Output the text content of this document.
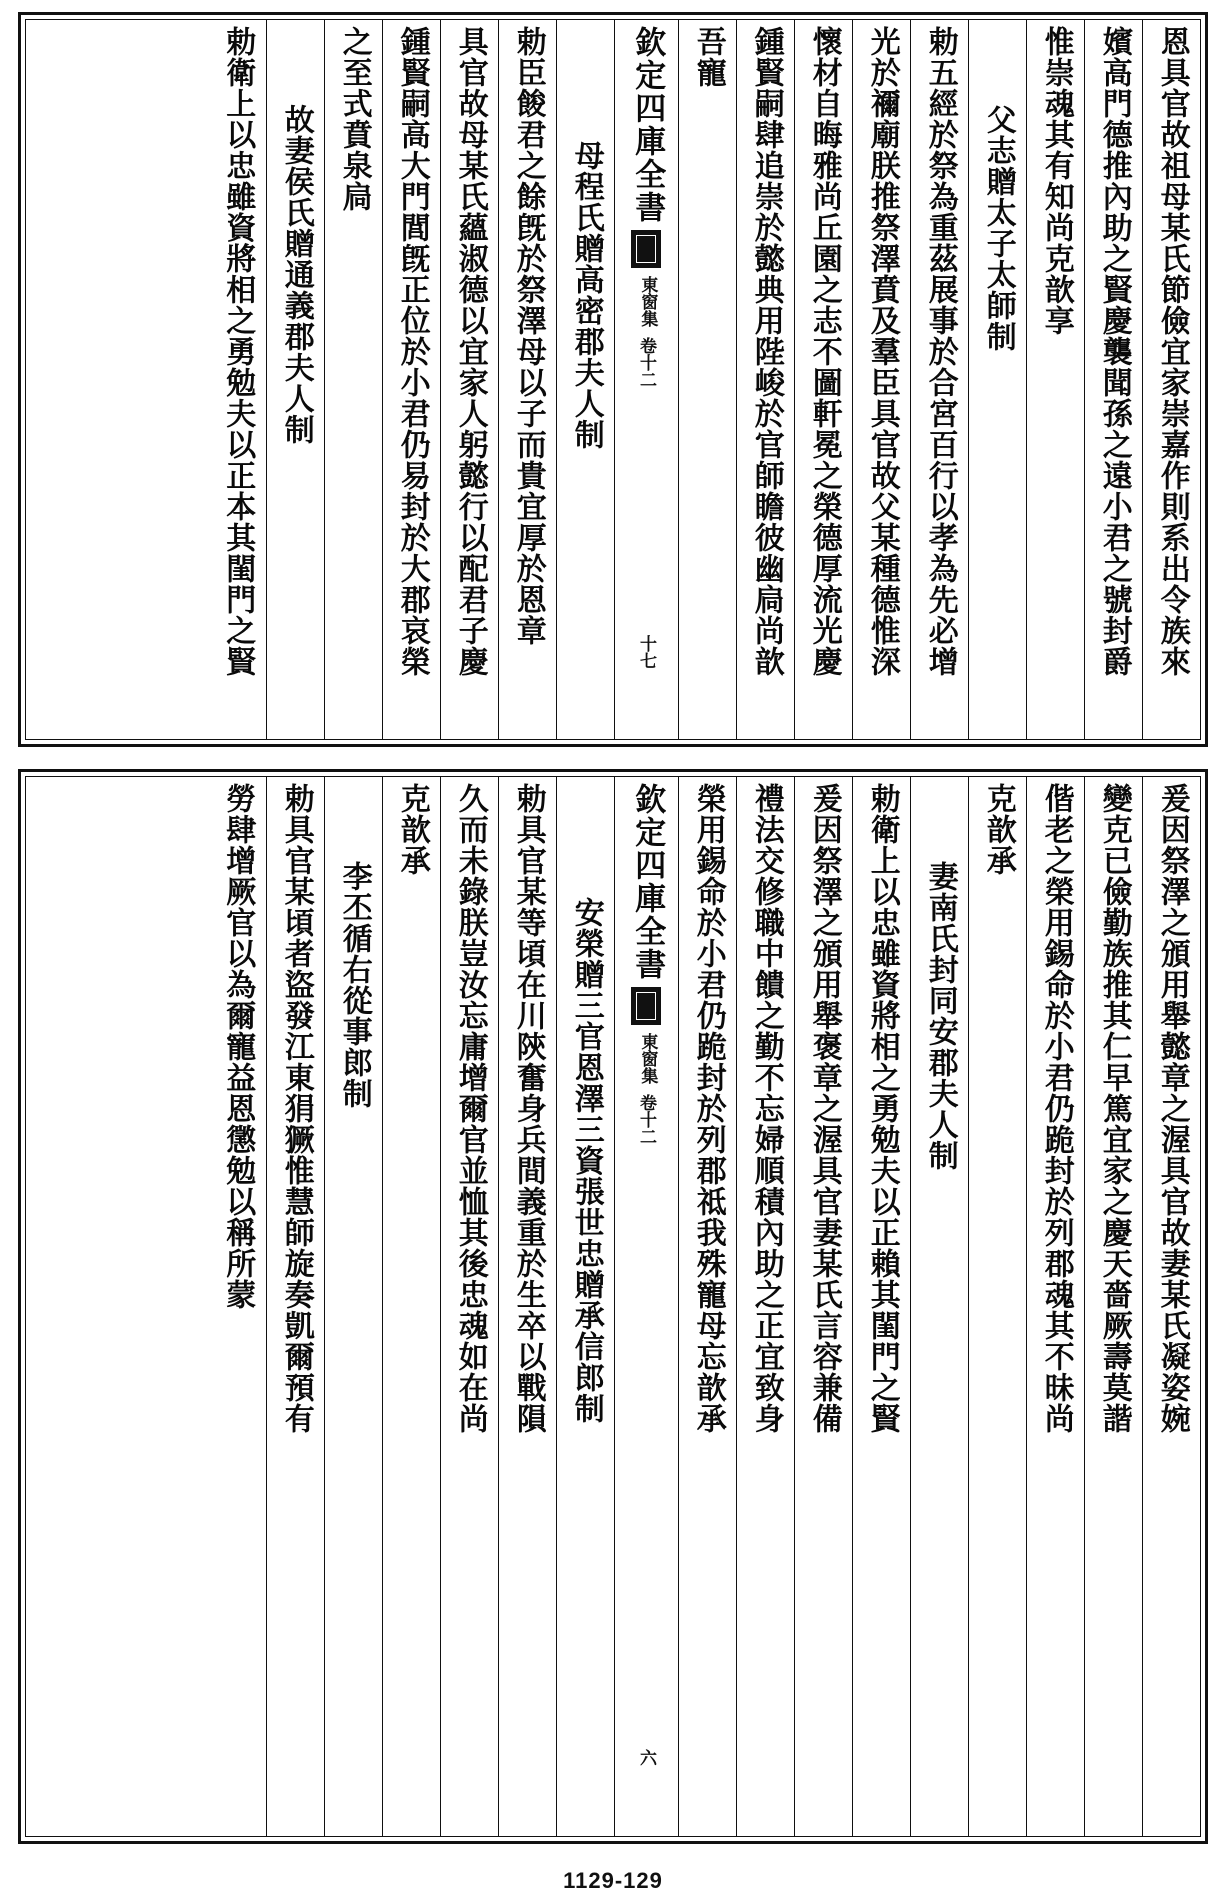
恩具官故祖母某氏節儉宜家崇嘉作則系出令族來
嬪高門德推內助之賢慶襲聞孫之遠小君之號封爵
惟崇魂其有知尚克歆享
父志贈太子太師制
勅五經於祭為重茲展事於合宮百行以孝為先必增
光於禰廟朕推祭澤賁及羣臣具官故父某種德惟深
懷材自晦雅尚丘園之志不圖軒冕之榮德厚流光慶
鍾賢嗣肆追崇於懿典用陛峻於官師瞻彼幽扃尚歆
吾寵
欽定四庫全書
東窗集
卷十二
十七
母程氏贈高密郡夫人制
勅臣餕君之餘旣於祭澤母以子而貴宜厚於恩章
具官故母某氏蘊淑德以宜家人躬懿行以配君子慶
鍾賢嗣高大門閭旣正位於小君仍易封於大郡哀榮
之至式賁泉扃
故妻侯氏贈通義郡夫人制
勅衛上以忠雖資將相之勇勉夫以正本其閨門之賢
爰因祭澤之頒用舉懿章之渥具官故妻某氏凝姿婉
變克已儉勤族推其仁早篤宜家之慶天嗇厥壽莫諧
偕老之榮用錫命於小君仍跪封於列郡魂其不昧尚
克歆承
妻南氏封同安郡夫人制
勅衛上以忠雖資將相之勇勉夫以正賴其閨門之賢
爰因祭澤之頒用舉褒章之渥具官妻某氏言容兼備
禮法交修職中饋之勤不忘婦順積內助之正宜致身
榮用錫命於小君仍跪封於列郡祗我殊寵母忘歆承
欽定四庫全書
東窗集
卷十二
六
安榮贈三官恩澤三資張世忠贈承信郎制
勅具官某等頃在川陝奮身兵間義重於生卒以戰隕
久而未錄朕豈汝忘庸增爾官並恤其後忠魂如在尚
克歆承
李丕循右從事郎制
勅具官某頃者盜發江東狷獗惟慧師旋奏凱爾預有
勞肆增厥官以為爾寵益恩懲勉以稱所蒙
1129-129
